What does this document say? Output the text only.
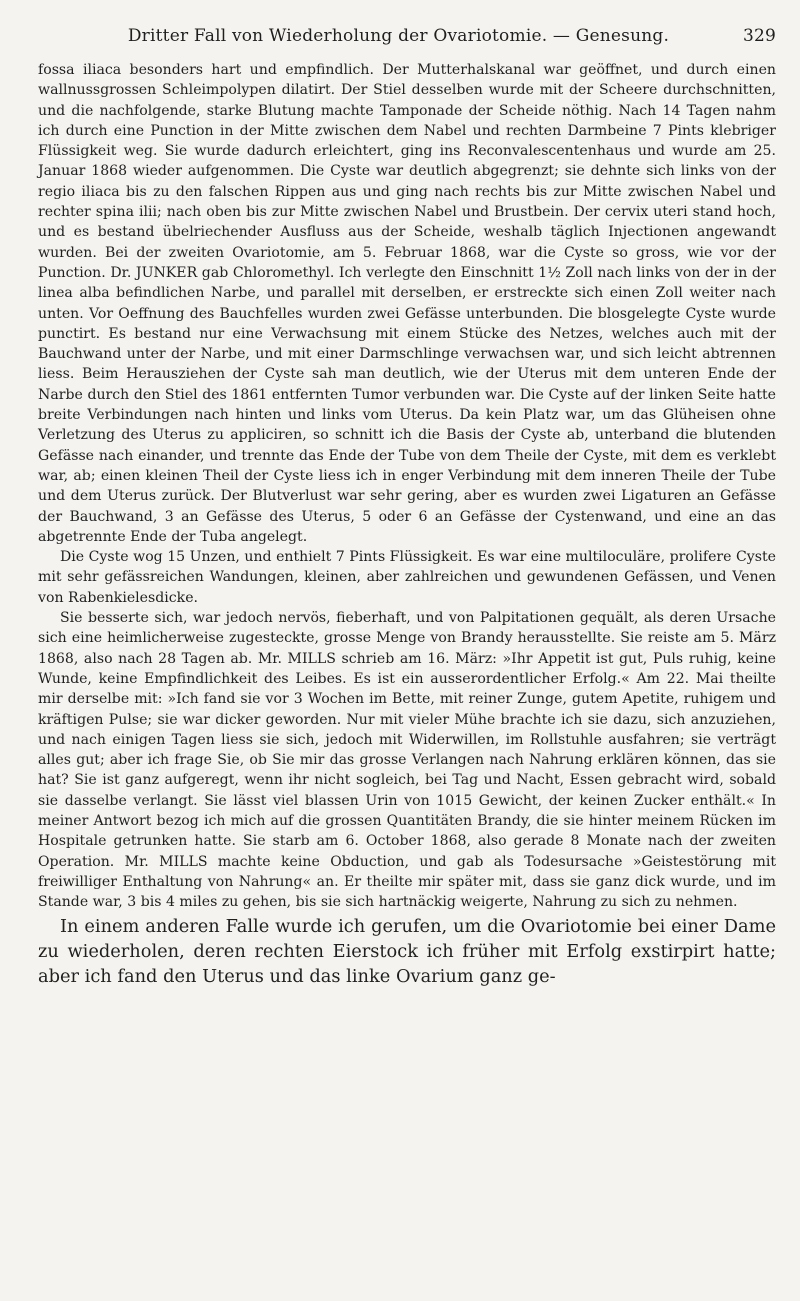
Dritter Fall von Wiederholung der Ovariotomie. — Genesung.	329

fossa iliaca besonders hart und empfindlich. Der Mutterhalskanal war geöffnet, und durch einen wallnussgrossen Schleimpolypen dilatirt. Der Stiel desselben wurde mit der Scheere durchschnitten, und die nachfolgende, starke Blutung machte Tamponade der Scheide nöthig. Nach 14 Tagen nahm ich durch eine Punction in der Mitte zwischen dem Nabel und rechten Darmbeine 7 Pints klebriger Flüssigkeit weg. Sie wurde dadurch erleichtert, ging ins Reconvalescentenhaus und wurde am 25. Januar 1868 wieder aufgenommen. Die Cyste war deutlich abgegrenzt; sie dehnte sich links von der regio iliaca bis zu den falschen Rippen aus und ging nach rechts bis zur Mitte zwischen Nabel und rechter spina ilii; nach oben bis zur Mitte zwischen Nabel und Brustbein. Der cervix uteri stand hoch, und es bestand übelriechender Ausfluss aus der Scheide, weshalb täglich Injectionen angewandt wurden. Bei der zweiten Ovariotomie, am 5. Februar 1868, war die Cyste so gross, wie vor der Punction. Dr. JUNKER gab Chloromethyl. Ich verlegte den Einschnitt 1½ Zoll nach links von der in der linea alba befindlichen Narbe, und parallel mit derselben, er erstreckte sich einen Zoll weiter nach unten. Vor Oeffnung des Bauchfelles wurden zwei Gefässe unterbunden. Die blosgelegte Cyste wurde punctirt. Es bestand nur eine Verwachsung mit einem Stücke des Netzes, welches auch mit der Bauchwand unter der Narbe, und mit einer Darmschlinge verwachsen war, und sich leicht abtrennen liess. Beim Herausziehen der Cyste sah man deutlich, wie der Uterus mit dem unteren Ende der Narbe durch den Stiel des 1861 entfernten Tumor verbunden war. Die Cyste auf der linken Seite hatte breite Verbindungen nach hinten und links vom Uterus. Da kein Platz war, um das Glüheisen ohne Verletzung des Uterus zu appliciren, so schnitt ich die Basis der Cyste ab, unterband die blutenden Gefässe nach einander, und trennte das Ende der Tube von dem Theile der Cyste, mit dem es verklebt war, ab; einen kleinen Theil der Cyste liess ich in enger Verbindung mit dem inneren Theile der Tube und dem Uterus zurück. Der Blutverlust war sehr gering, aber es wurden zwei Ligaturen an Gefässe der Bauchwand, 3 an Gefässe des Uterus, 5 oder 6 an Gefässe der Cystenwand, und eine an das abgetrennte Ende der Tuba angelegt.

Die Cyste wog 15 Unzen, und enthielt 7 Pints Flüssigkeit. Es war eine multiloculäre, prolifere Cyste mit sehr gefässreichen Wandungen, kleinen, aber zahlreichen und gewundenen Gefässen, und Venen von Rabenkielesdicke.

Sie besserte sich, war jedoch nervös, fieberhaft, und von Palpitationen gequält, als deren Ursache sich eine heimlicherweise zugesteckte, grosse Menge von Brandy herausstellte. Sie reiste am 5. März 1868, also nach 28 Tagen ab. Mr. MILLS schrieb am 16. März: »Ihr Appetit ist gut, Puls ruhig, keine Wunde, keine Empfindlichkeit des Leibes. Es ist ein ausserordentlicher Erfolg.« Am 22. Mai theilte mir derselbe mit: »Ich fand sie vor 3 Wochen im Bette, mit reiner Zunge, gutem Apetite, ruhigem und kräftigen Pulse; sie war dicker geworden. Nur mit vieler Mühe brachte ich sie dazu, sich anzuziehen, und nach einigen Tagen liess sie sich, jedoch mit Widerwillen, im Rollstuhle ausfahren; sie verträgt alles gut; aber ich frage Sie, ob Sie mir das grosse Verlangen nach Nahrung erklären können, das sie hat? Sie ist ganz aufgeregt, wenn ihr nicht sogleich, bei Tag und Nacht, Essen gebracht wird, sobald sie dasselbe verlangt. Sie lässt viel blassen Urin von 1015 Gewicht, der keinen Zucker enthält.« In meiner Antwort bezog ich mich auf die grossen Quantitäten Brandy, die sie hinter meinem Rücken im Hospitale getrunken hatte. Sie starb am 6. October 1868, also gerade 8 Monate nach der zweiten Operation. Mr. MILLS machte keine Obduction, und gab als Todesursache »Geistestörung mit freiwilliger Enthaltung von Nahrung« an. Er theilte mir später mit, dass sie ganz dick wurde, und im Stande war, 3 bis 4 miles zu gehen, bis sie sich hartnäckig weigerte, Nahrung zu sich zu nehmen.

In einem anderen Falle wurde ich gerufen, um die Ovariotomie bei einer Dame zu wiederholen, deren rechten Eierstock ich früher mit Erfolg exstirpirt hatte; aber ich fand den Uterus und das linke Ovarium ganz ge-
